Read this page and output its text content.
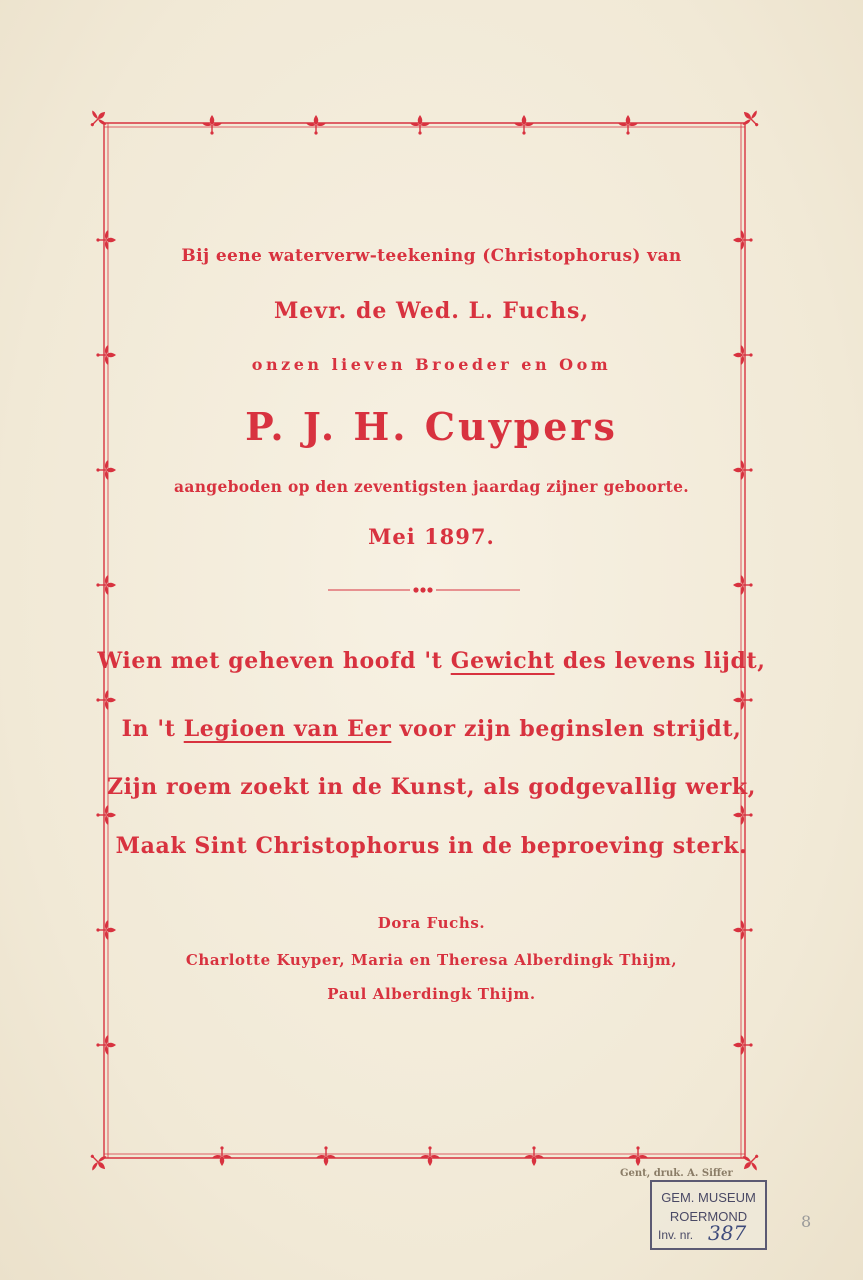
Bij eene waterverw-teekening (Christophorus) van
Mevr. de Wed. L. Fuchs,
onzen lieven Broeder en Oom
P. J. H. Cuypers
aangeboden op den zeventigsten jaardag zijner geboorte.
Mei 1897.
Wien met geheven hoofd 't Gewicht des levens lijdt,
In 't Legioen van Eer voor zijn beginslen strijdt,
Zijn roem zoekt in de Kunst, als godgevallig werk,
Maak Sint Christophorus in de beproeving sterk.
Dora Fuchs.
Charlotte Kuyper, Maria en Theresa Alberdingk Thijm,
Paul Alberdingk Thijm.
Gent, druk. A. Siffer
GEM. MUSEUM
ROERMOND
Inv. nr. 387	8
